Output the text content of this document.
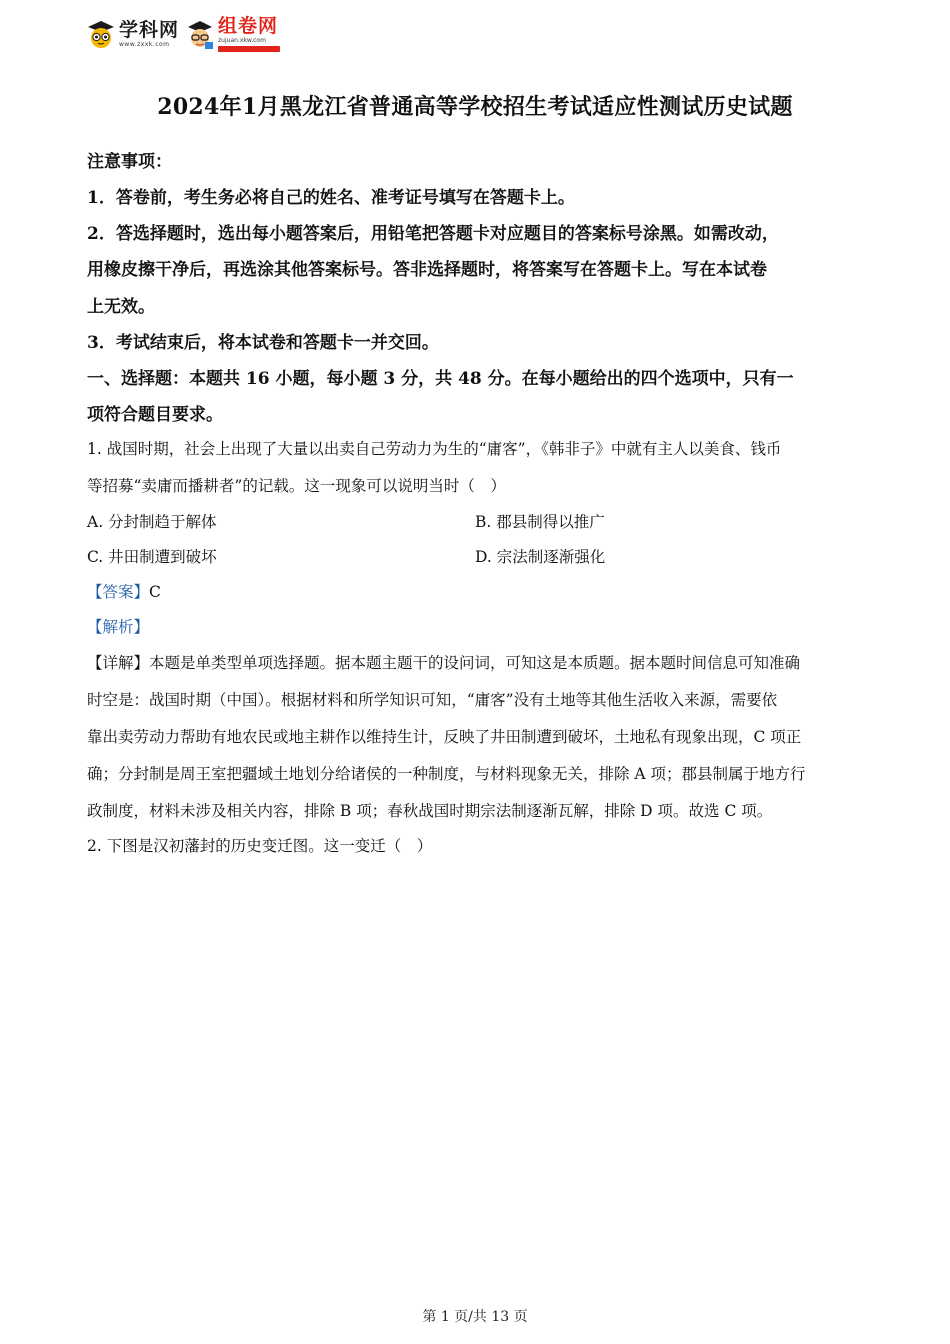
学科网
www.zxxk.com
组卷网
zujuan.xkw.com
2024年1月黑龙江省普通高等学校招生考试适应性测试历史试题
注意事项：
1．答卷前，考生务必将自己的姓名、准考证号填写在答题卡上。
2．答选择题时，选出每小题答案后，用铅笔把答题卡对应题目的答案标号涂黑。如需改动，
用橡皮擦干净后，再选涂其他答案标号。答非选择题时，将答案写在答题卡上。写在本试卷
上无效。
3．考试结束后，将本试卷和答题卡一并交回。
一、选择题：本题共 16 小题，每小题 3 分，共 48 分。在每小题给出的四个选项中，只有一
项符合题目要求。
1. 战国时期，社会上出现了大量以出卖自己劳动力为生的“庸客”，《韩非子》中就有主人以美食、钱币
等招募“卖庸而播耕者”的记载。这一现象可以说明当时（　）
A. 分封制趋于解体	B. 郡县制得以推广
C. 井田制遭到破坏	D. 宗法制逐渐强化
【答案】C
【解析】
【详解】本题是单类型单项选择题。据本题主题干的设问词，可知这是本质题。据本题时间信息可知准确
时空是：战国时期（中国）。根据材料和所学知识可知，“庸客”没有土地等其他生活收入来源，需要依
靠出卖劳动力帮助有地农民或地主耕作以维持生计，反映了井田制遭到破坏，土地私有现象出现，C 项正
确；分封制是周王室把疆域土地划分给诸侯的一种制度，与材料现象无关，排除 A 项；郡县制属于地方行
政制度，材料未涉及相关内容，排除 B 项；春秋战国时期宗法制逐渐瓦解，排除 D 项。故选 C 项。
2. 下图是汉初藩封的历史变迁图。这一变迁（　）
第 1 页/共 13 页
